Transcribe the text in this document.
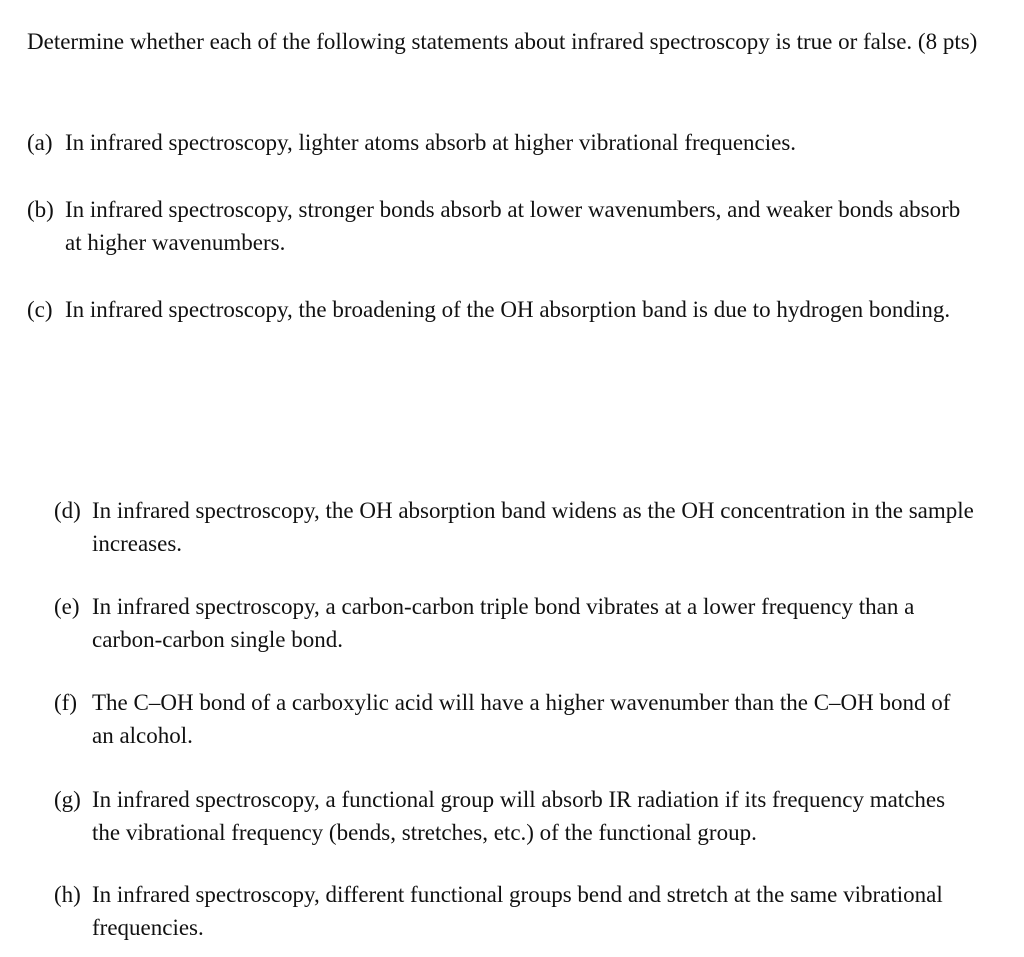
Determine whether each of the following statements about infrared spectroscopy is true or false. (8 pts)

(a) In infrared spectroscopy, lighter atoms absorb at higher vibrational frequencies.

(b) In infrared spectroscopy, stronger bonds absorb at lower wavenumbers, and weaker bonds absorb at higher wavenumbers.

(c) In infrared spectroscopy, the broadening of the OH absorption band is due to hydrogen bonding.

(d) In infrared spectroscopy, the OH absorption band widens as the OH concentration in the sample increases.

(e) In infrared spectroscopy, a carbon-carbon triple bond vibrates at a lower frequency than a carbon-carbon single bond.

(f) The C–OH bond of a carboxylic acid will have a higher wavenumber than the C–OH bond of an alcohol.

(g) In infrared spectroscopy, a functional group will absorb IR radiation if its frequency matches the vibrational frequency (bends, stretches, etc.) of the functional group.

(h) In infrared spectroscopy, different functional groups bend and stretch at the same vibrational frequencies.
